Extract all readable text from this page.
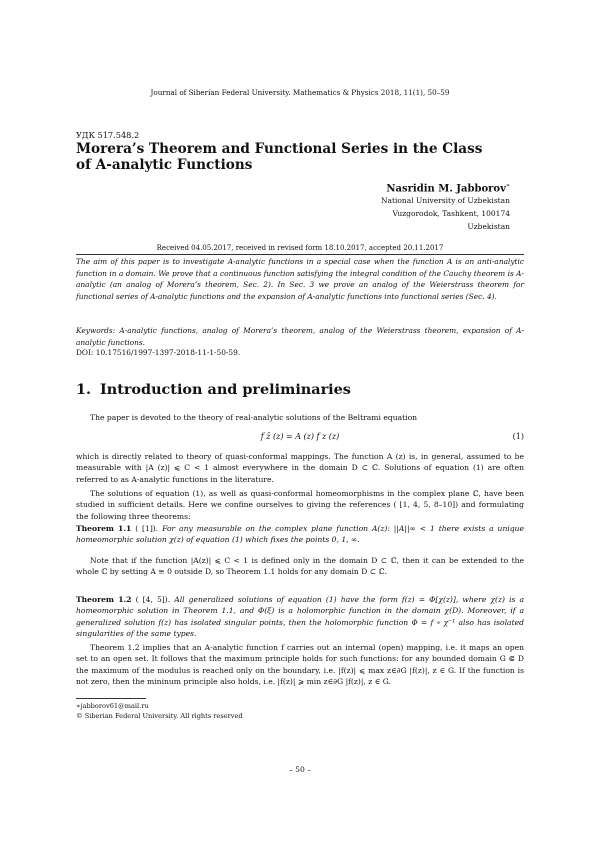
Journal of Siberian Federal University. Mathematics & Physics 2018, 11(1), 50–59
УДК 517.548.2
Morera’s Theorem and Functional Series in the Class
of A-analytic Functions
Nasridin M. Jabborov∗
National University of Uzbekistan
Vuzgorodok, Tashkent, 100174
Uzbekistan
Received 04.05.2017, received in revised form 18.10.2017, accepted 20.11.2017
The aim of this paper is to investigate A-analytic functions in a special case when the function A is an anti-analytic function in a domain. We prove that a continuous function satisfying the integral condition of the Cauchy theorem is A-analytic (an analog of Morera’s theorem, Sec. 2). In Sec. 3 we prove an analog of the Weierstrass theorem for functional series of A-analytic functions and the expansion of A-analytic functions into functional series (Sec. 4).
Keywords: A-analytic functions, analog of Morera’s theorem, analog of the Weierstrass theorem, expansion of A-analytic functions.
DOI: 10.17516/1997-1397-2018-11-1-50-59.
1. Introduction and preliminaries
The paper is devoted to the theory of real-analytic solutions of the Beltrami equation
f z̄ (z) = A (z) f z (z)	(1)
which is directly related to theory of quasi-conformal mappings. The function A (z) is, in general, assumed to be measurable with |A (z)| ⩽ C < 1 almost everywhere in the domain D ⊂ ℂ. Solutions of equation (1) are often referred to as A-analytic functions in the literature.
The solutions of equation (1), as well as quasi-conformal homeomorphisms in the complex plane ℂ, have been studied in sufficient details. Here we confine ourselves to giving the references ( [1, 4, 5, 8–10]) and formulating the following three theorems:
Theorem 1.1 ( [1]). For any measurable on the complex plane function A(z): ||A||∞ < 1 there exists a unique homeomorphic solution χ(z) of equation (1) which fixes the points 0, 1, ∞.
Note that if the function |A(z)| ⩽ C < 1 is defined only in the domain D ⊂ ℂ, then it can be extended to the whole ℂ by setting A ≡ 0 outside D, so Theorem 1.1 holds for any domain D ⊂ ℂ.
Theorem 1.2 ( [4, 5]). All generalized solutions of equation (1) have the form f(z) = Φ[χ(z)], where χ(z) is a homeomorphic solution in Theorem 1.1, and Φ(ξ) is a holomorphic function in the domain χ(D). Moreover, if a generalized solution f(z) has isolated singular points, then the holomorphic function Φ = f ∘ χ⁻¹ also has isolated singularities of the same types.
Theorem 1.2 implies that an A-analytic function f carries out an internal (open) mapping, i.e. it maps an open set to an open set. It follows that the maximum principle holds for such functions: for any bounded domain G ⋐ D the maximum of the modulus is reached only on the boundary, i.e. |f(z)| ⩽ max z∈∂G |f(z)|, z ∈ G. If the function is not zero, then the mininum principle also holds, i.e. |f(z)| ⩾ min z∈∂G |f(z)|, z ∈ G.
∗jabborov61@mail.ru
© Siberian Federal University. All rights reserved
– 50 –
